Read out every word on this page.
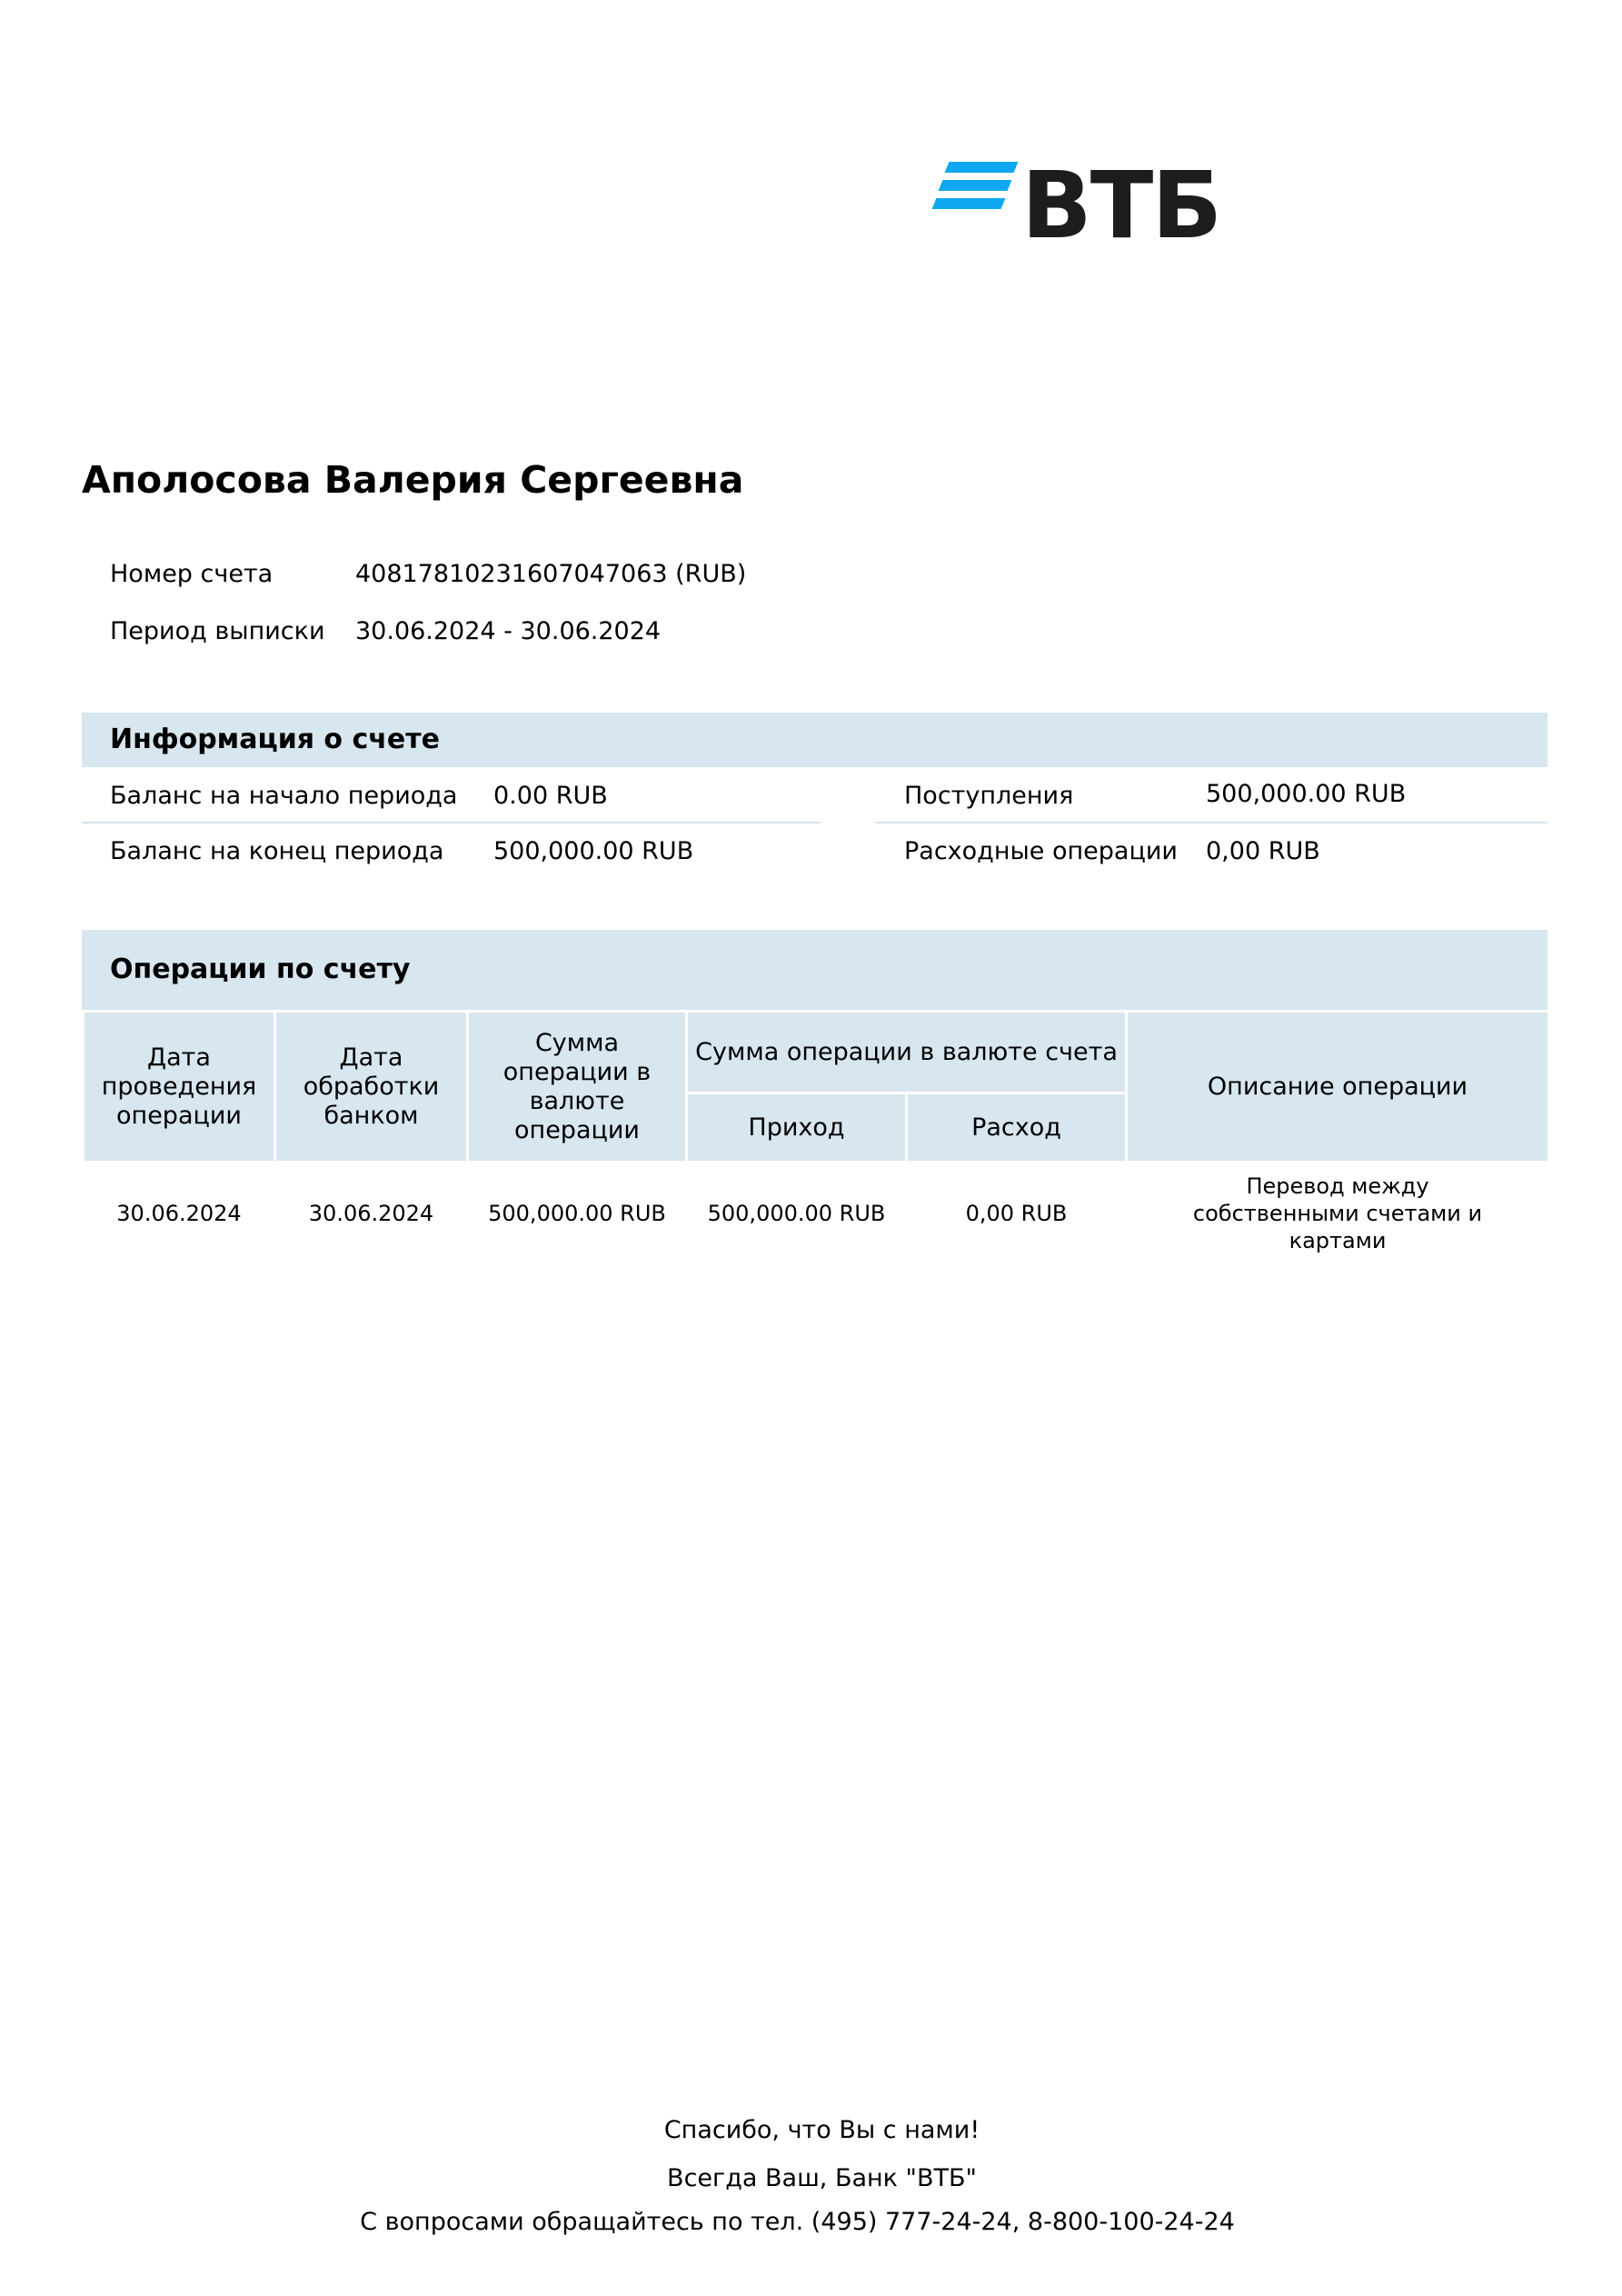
ВТБ
Аполосова Валерия Сергеевна
Номер счета	40817810231607047063 (RUB)
Период выписки 30.06.2024 - 30.06.2024
Информация о счете
Баланс на начало периода 0.00 RUB	Поступления	500,000.00 RUB
Баланс на конец периода 500,000.00 RUB	Расходные операции 0,00 RUB
Операции по счету
Дата проведения операции	Дата обработки банком	Сумма операции в валюте операции	Сумма операции в валюте счета		Описание операции
			Приход	Расход	
30.06.2024	30.06.2024	500,000.00 RUB	500,000.00 RUB	0,00 RUB	Перевод между собственными счетами и картами
Спасибо, что Вы с нами!
Всегда Ваш, Банк "ВТБ"
С вопросами обращайтесь по тел. (495) 777-24-24, 8-800-100-24-24
